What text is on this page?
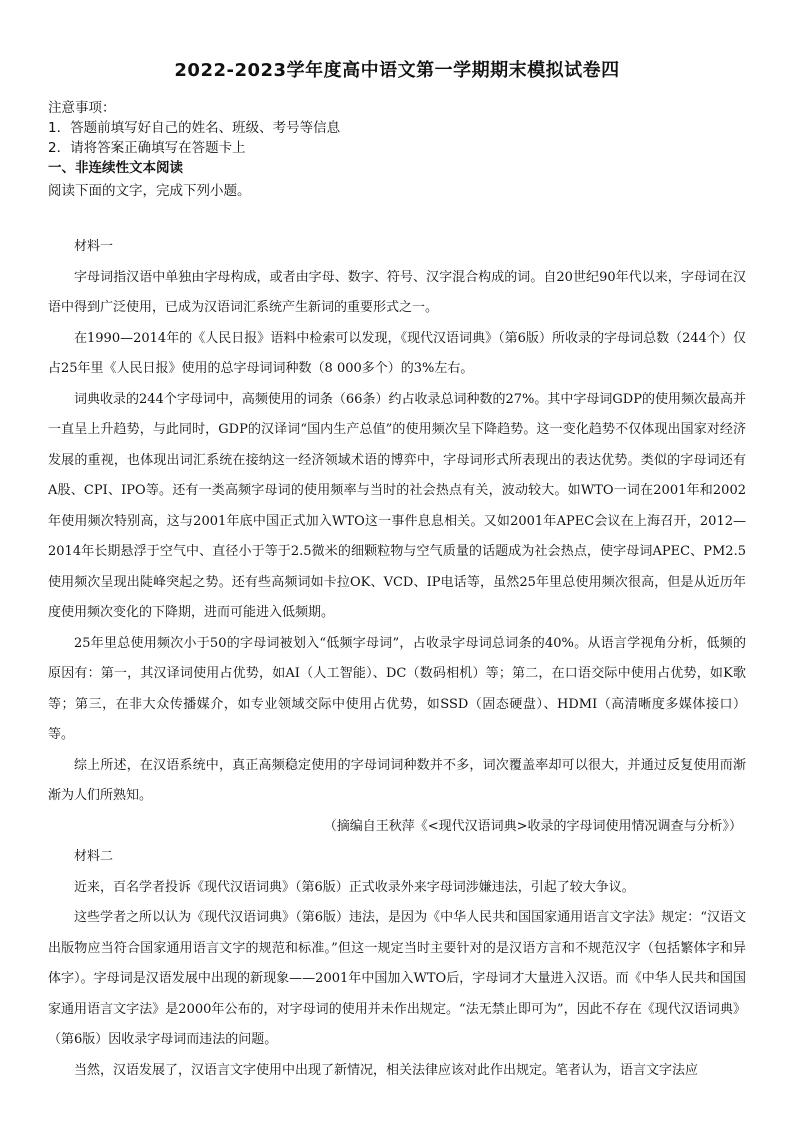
2022-2023学年度高中语文第一学期期末模拟试卷四
注意事项：
1．答题前填写好自己的姓名、班级、考号等信息
2．请将答案正确填写在答题卡上
一、非连续性文本阅读
阅读下面的文字，完成下列小题。

材料一

字母词指汉语中单独由字母构成，或者由字母、数字、符号、汉字混合构成的词。自20世纪90年代以来，字母词在汉语中得到广泛使用，已成为汉语词汇系统产生新词的重要形式之一。

在1990—2014年的《人民日报》语料中检索可以发现，《现代汉语词典》（第6版）所收录的字母词总数（244个）仅占25年里《人民日报》使用的总字母词词种数（8 000多个）的3%左右。

词典收录的244个字母词中，高频使用的词条（66条）约占收录总词种数的27%。其中字母词GDP的使用频次最高并一直呈上升趋势，与此同时，GDP的汉译词“国内生产总值”的使用频次呈下降趋势。这一变化趋势不仅体现出国家对经济发展的重视，也体现出词汇系统在接纳这一经济领域术语的博弈中，字母词形式所表现出的表达优势。类似的字母词还有A股、CPI、IPO等。还有一类高频字母词的使用频率与当时的社会热点有关，波动较大。如WTO一词在2001年和2002年使用频次特别高，这与2001年底中国正式加入WTO这一事件息息相关。又如2001年APEC会议在上海召开，2012—2014年长期悬浮于空气中、直径小于等于2.5微米的细颗粒物与空气质量的话题成为社会热点，使字母词APEC、PM2.5使用频次呈现出陡峰突起之势。还有些高频词如卡拉OK、VCD、IP电话等，虽然25年里总使用频次很高，但是从近历年度使用频次变化的下降期，进而可能进入低频期。

25年里总使用频次小于50的字母词被划入“低频字母词”，占收录字母词总词条的40%。从语言学视角分析，低频的原因有：第一，其汉译词使用占优势，如AI（人工智能）、DC（数码相机）等；第二，在口语交际中使用占优势，如K歌等；第三，在非大众传播媒介，如专业领域交际中使用占优势，如SSD（固态硬盘）、HDMI（高清晰度多媒体接口）等。

综上所述，在汉语系统中，真正高频稳定使用的字母词词种数并不多，词次覆盖率却可以很大，并通过反复使用而渐渐为人们所熟知。

（摘编自王秋萍《<现代汉语词典>收录的字母词使用情况调查与分析》）

材料二

近来，百名学者投诉《现代汉语词典》（第6版）正式收录外来字母词涉嫌违法，引起了较大争议。

这些学者之所以认为《现代汉语词典》（第6版）违法，是因为《中华人民共和国国家通用语言文字法》规定：“汉语文出版物应当符合国家通用语言文字的规范和标准。”但这一规定当时主要针对的是汉语方言和不规范汉字（包括繁体字和异体字）。字母词是汉语发展中出现的新现象——2001年中国加入WTO后，字母词才大量进入汉语。而《中华人民共和国国家通用语言文字法》是2000年公布的，对字母词的使用并未作出规定。“法无禁止即可为”，因此不存在《现代汉语词典》（第6版）因收录字母词而违法的问题。

当然，汉语发展了，汉语言文字使用中出现了新情况，相关法律应该对此作出规定。笔者认为，语言文字法应
